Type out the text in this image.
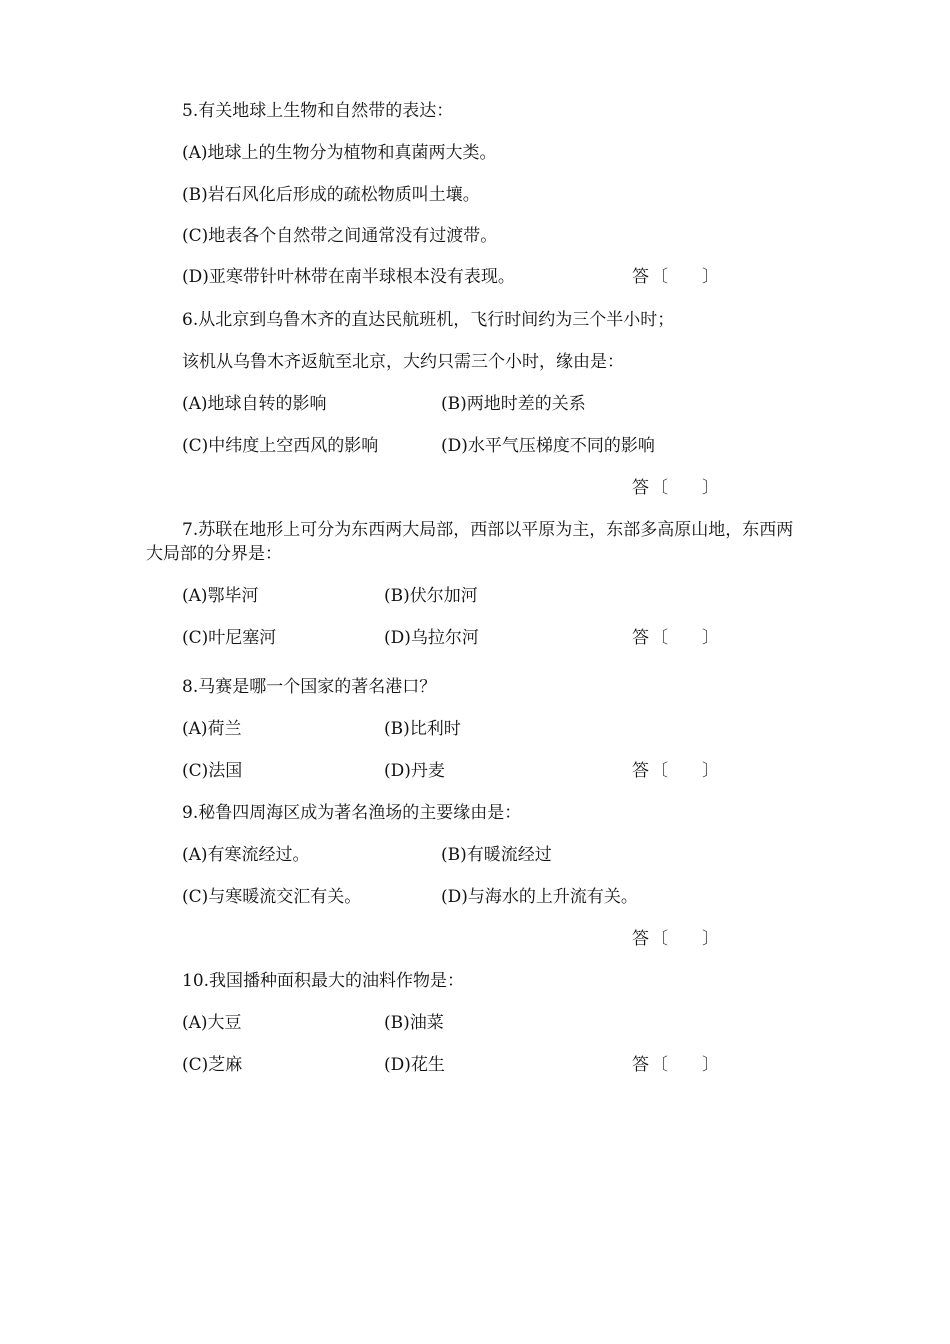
5.有关地球上生物和自然带的表达：
(A)地球上的生物分为植物和真菌两大类。
(B)岩石风化后形成的疏松物质叫土壤。
(C)地表各个自然带之间通常没有过渡带。
(D)亚寒带针叶林带在南半球根本没有表现。	答 〔 〕
6.从北京到乌鲁木齐的直达民航班机，飞行时间约为三个半小时；
该机从乌鲁木齐返航至北京，大约只需三个小时，缘由是：
(A)地球自转的影响	(B)两地时差的关系
(C)中纬度上空西风的影响	(D)水平气压梯度不同的影响
答 〔 〕
7.苏联在地形上可分为东西两大局部，西部以平原为主，东部多高原山地，东西两大局部的分界是：
(A)鄂毕河	(B)伏尔加河
(C)叶尼塞河	(D)乌拉尔河	答 〔 〕
8.马赛是哪一个国家的著名港口？
(A)荷兰	(B)比利时
(C)法国	(D)丹麦	答 〔 〕
9.秘鲁四周海区成为著名渔场的主要缘由是：
(A)有寒流经过。	(B)有暖流经过
(C)与寒暖流交汇有关。	(D)与海水的上升流有关。
答 〔 〕
10.我国播种面积最大的油料作物是：
(A)大豆	(B)油菜
(C)芝麻	(D)花生	答 〔 〕
